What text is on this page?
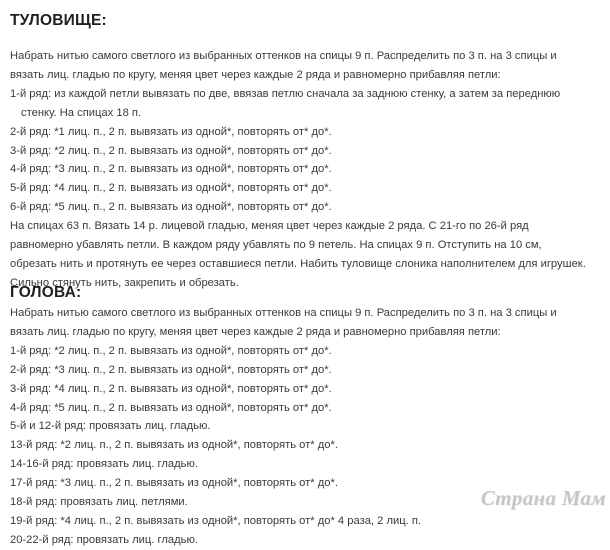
ТУЛОВИЩЕ:
Набрать нитью самого светлого из выбранных оттенков на спицы 9 п. Распределить по 3 п. на 3 спицы и
вязать лиц. гладью по кругу, меняя цвет через каждые 2 ряда и равномерно прибавляя петли:
1-й ряд: из каждой петли вывязать по две, ввязав петлю сначала за заднюю стенку, а затем за переднюю
стенку. На спицах 18 п.
2-й ряд: *1 лиц. п., 2 п. вывязать из одной*, повторять от* до*.
3-й ряд: *2 лиц. п., 2 п. вывязать из одной*, повторять от* до*.
4-й ряд: *3 лиц. п., 2 п. вывязать из одной*, повторять от* до*.
5-й ряд: *4 лиц. п., 2 п. вывязать из одной*, повторять от* до*.
6-й ряд: *5 лиц. п., 2 п. вывязать из одной*, повторять от* до*.
На спицах 63 п. Вязать 14 р. лицевой гладью, меняя цвет через каждые 2 ряда. С 21-го по 26-й ряд
равномерно убавлять петли. В каждом ряду убавлять по 9 петель. На спицах 9 п. Отступить на 10 см,
обрезать нить и протянуть ее через оставшиеся петли. Набить туловище слоника наполнителем для игрушек.
Сильно стянуть нить, закрепить и обрезать.
ГОЛОВА:
Набрать нитью самого светлого из выбранных оттенков на спицы 9 п. Распределить по 3 п. на 3 спицы и
вязать лиц. гладью по кругу, меняя цвет через каждые 2 ряда и равномерно прибавляя петли:
1-й ряд: *2 лиц. п., 2 п. вывязать из одной*, повторять от* до*.
2-й ряд: *3 лиц. п., 2 п. вывязать из одной*, повторять от* до*.
3-й ряд: *4 лиц. п., 2 п. вывязать из одной*, повторять от* до*.
4-й ряд: *5 лиц. п., 2 п. вывязать из одной*, повторять от* до*.
5-й и 12-й ряд: провязать лиц. гладью.
13-й ряд: *2 лиц. п., 2 п. вывязать из одной*, повторять от* до*.
14-16-й ряд: провязать лиц. гладью.
17-й ряд: *3 лиц. п., 2 п. вывязать из одной*, повторять от* до*.
18-й ряд: провязать лиц. петлями.
19-й ряд: *4 лиц. п., 2 п. вывязать из одной*, повторять от* до* 4 раза, 2 лиц. п.
20-22-й ряд: провязать лиц. гладью.
Страна Мам
